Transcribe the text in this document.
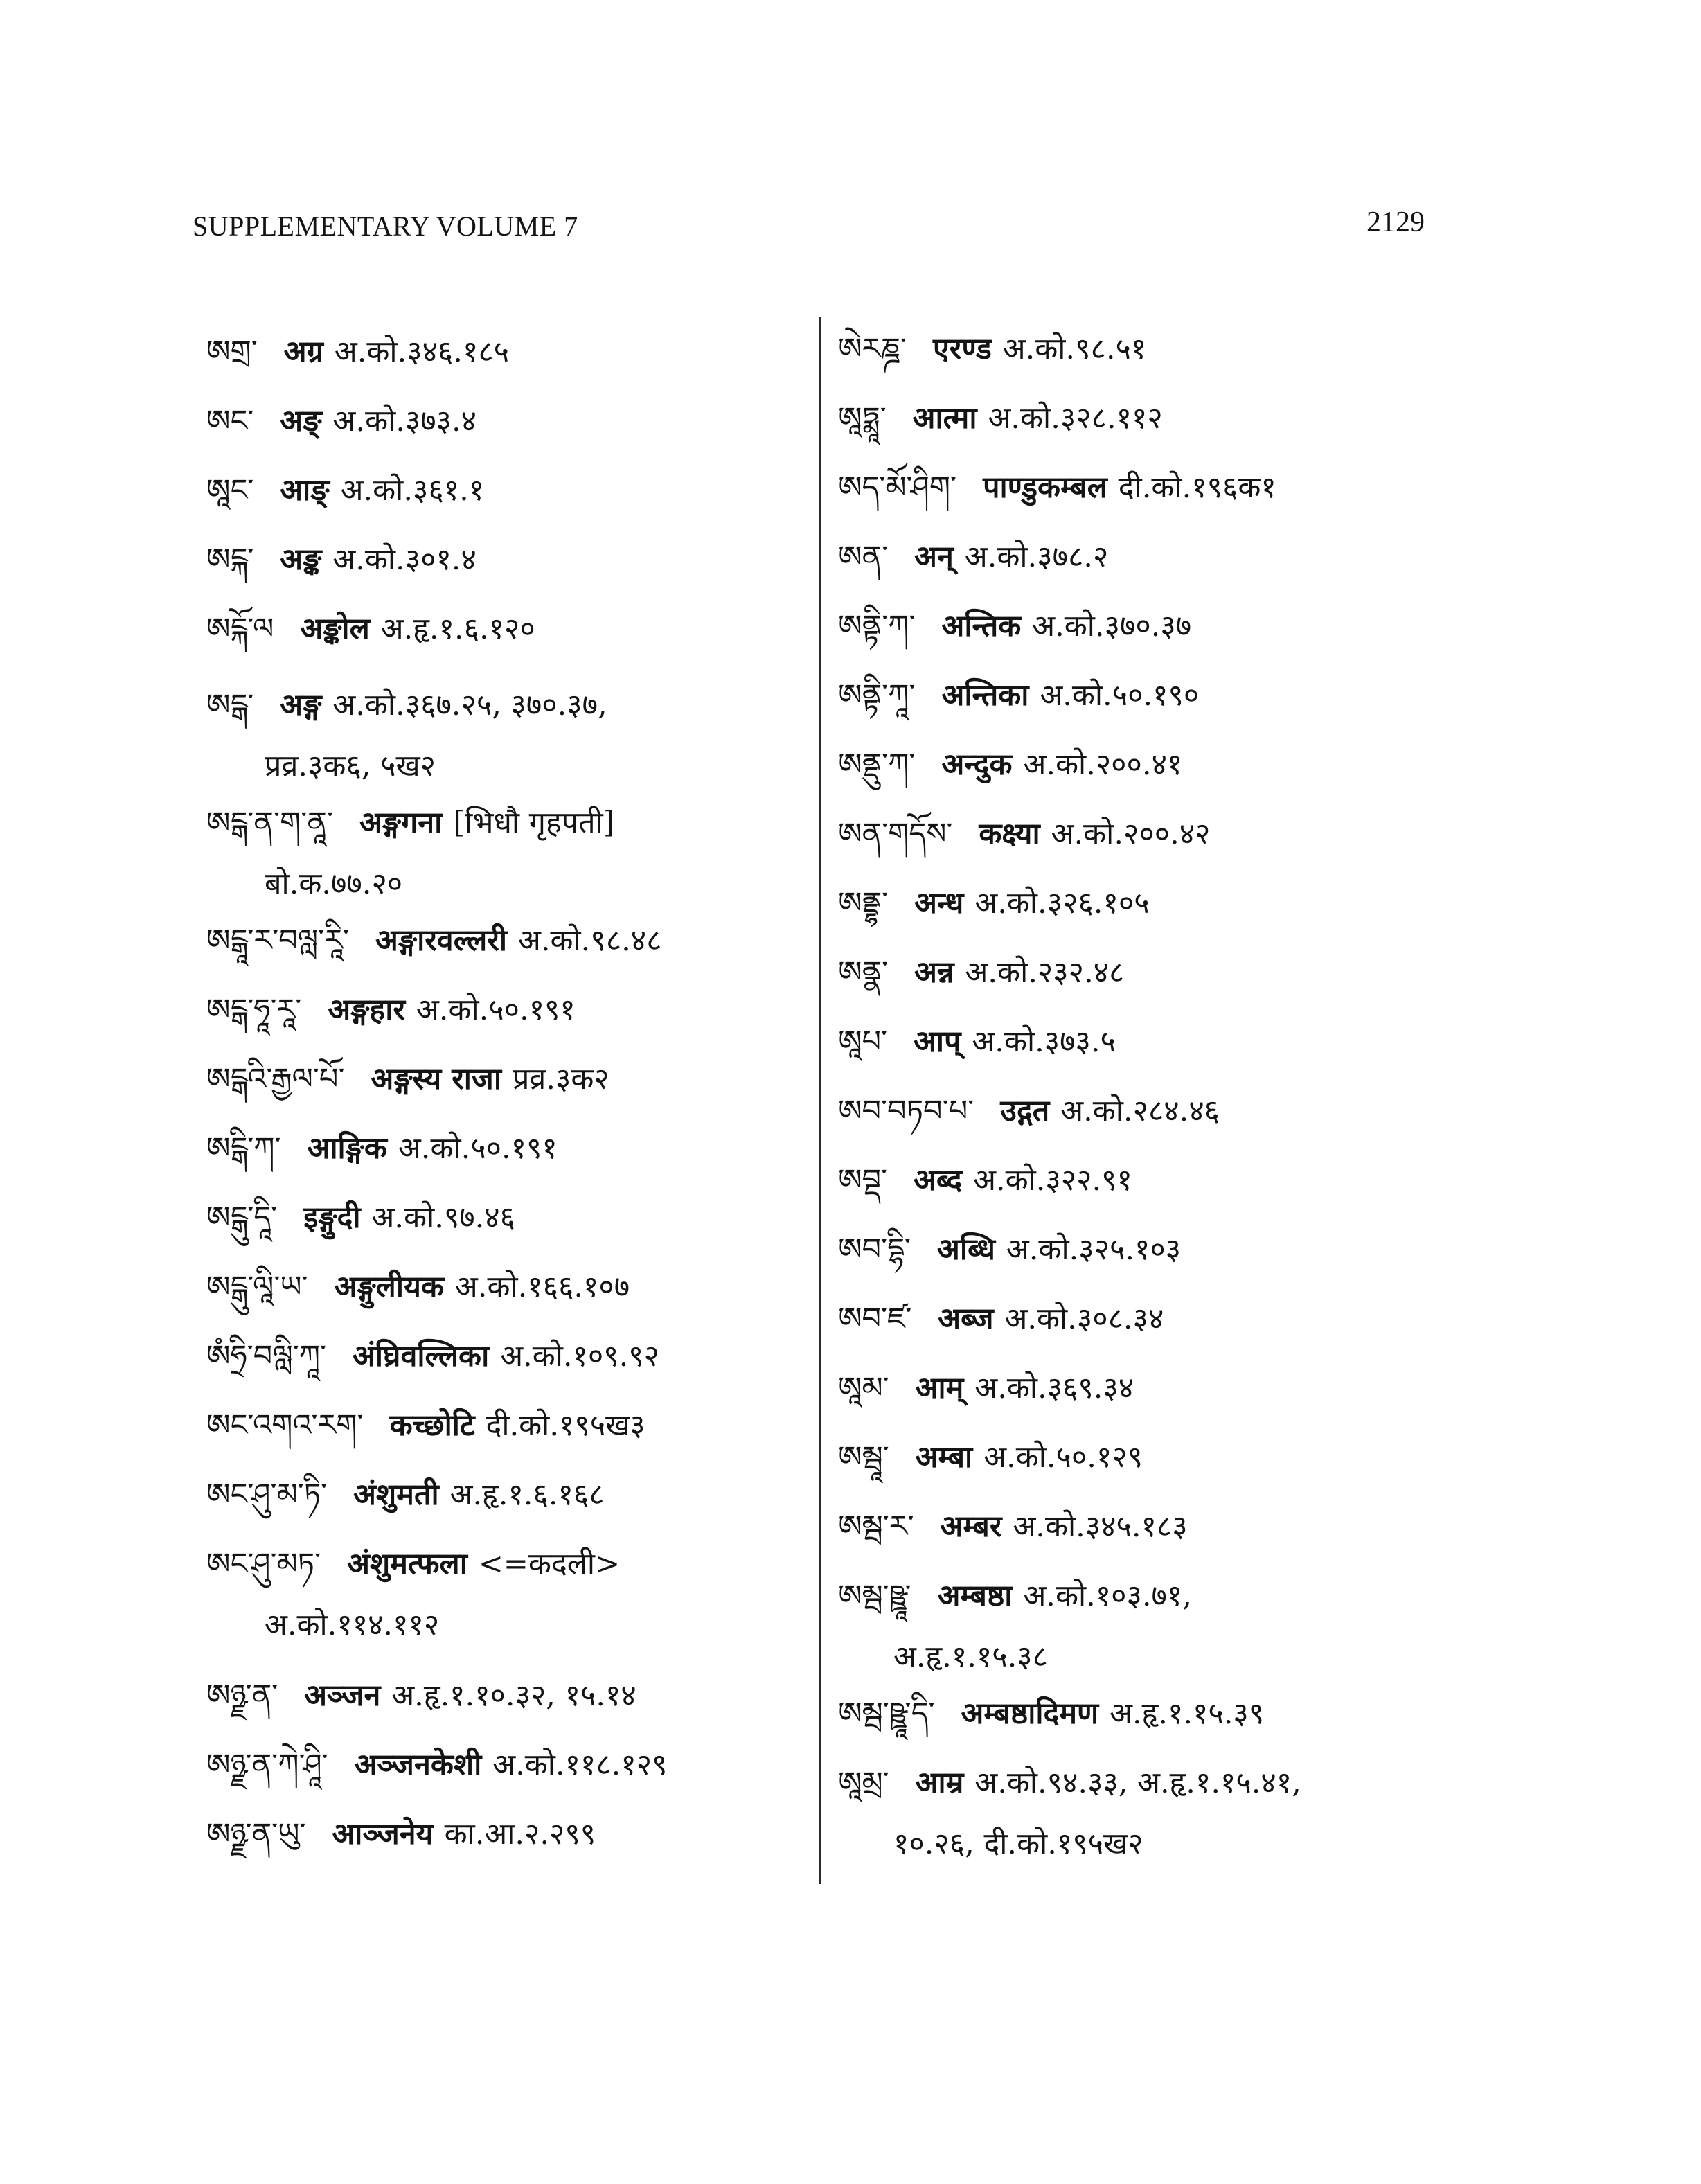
SUPPLEMENTARY VOLUME 7	2129
ཨགྲ་ अग्र अ.को.३४६.१८५
ཨང་ अङ् अ.को.३७३.४
ཨཱང་ आङ् अ.को.३६१.१
ཨངྐ་ अङ्क अ.को.३०१.४
ཨངྐོ་ལ अङ्कोल अ.हृ.१.६.१२०
ཨངྒ་ अङ्ग अ.को.३६७.२५, ३७०.३७,
प्रव्र.३क६, ५ख२
ཨངྒ་ན་ག་ནཱ་ अङ्गगना [भिधौ गृहपती]
बो.क.७७.२०
ཨངྒཱ་ར་བལླ་རཱི་ अङ्गारवल्लरी अ.को.९८.४८
ཨངྒ་ཧཱ་རཱ་ अङ्गहार अ.को.५०.१९१
ཨངྒའི་རྒྱལ་པོ་ अङ्गस्य राजा प्रव्र.३क२
ཨངྒི་ཀ་ आङ्गिक अ.को.५०.१९१
ཨངྒུ་དཱི་ इङ्गुदी अ.को.९७.४६
ཨངྒུ་ལཱི་ཡ་ अङ्गुलीयक अ.को.१६६.१०७
ཨཾཧྲི་བལླི་ཀཱ་ अंघ्रिवल्लिका अ.को.१०९.९२
ཨང་འགའ་རག་ कच्छोटि दी.को.१९५ख३
ཨང་ཤུ་མ་ཏི་ अंशुमती अ.हृ.१.६.१६८
ཨང་ཤུ་མཏ་ अंशुमत्फला <=कदली>
अ.को.११४.११२
ཨཉྫ་ན་ अञ्जन अ.हृ.१.१०.३२, १५.१४
ཨཉྫ་ན་ཀེ་ཤཱི་ अञ्जनकेशी अ.को.११८.१२९
ཨཉྫ་ན་ཡུ་ आञ्जनेय का.आ.२.२९९
ཨེརཎྜ་ एरण्ड अ.को.९८.५१
ཨཱཏྨཱ་ आत्मा अ.को.३२८.११२
ཨད་མོ་ཤིག་ पाण्डुकम्बल दी.को.१९६क१
ཨན་ अन् अ.को.३७८.२
ཨནྟི་ཀ་ अन्तिक अ.को.३७०.३७
ཨནྟི་ཀཱ་ अन्तिका अ.को.५०.१९०
ཨནྡུ་ཀ་ अन्दुक अ.को.२००.४१
ཨན་གདོས་ कक्ष्या अ.को.२००.४२
ཨནྡྷ་ अन्ध अ.को.३२६.१०५
ཨནྣ་ अन्न अ.को.२३२.४८
ཨཱཔ་ आप् अ.को.३७३.५
ཨབ་བཏབ་པ་ उद्गत अ.को.२८४.४६
ཨབྡ་ अब्द अ.को.३२२.९१
ཨབ་དྷི་ अब्धि अ.को.३२५.१०३
ཨབ་ཛ་ अब्ज अ.को.३०८.३४
ཨཱམ་ आम् अ.को.३६९.३४
ཨམྦཱ་ अम्बा अ.को.५०.१२९
ཨམྦ་ར་ अम्बर अ.को.३४५.१८३
ཨམྦ་ཥྛཱ་ अम्बष्ठा अ.को.१०३.७१,
अ.हृ.१.१५.३८
ཨམྦ་ཥྛཱ་དི་ अम्बष्ठादिमण अ.हृ.१.१५.३९
ཨཱམྲ་ आम्र अ.को.९४.३३, अ.हृ.१.१५.४१,
१०.२६, दी.को.१९५ख२
